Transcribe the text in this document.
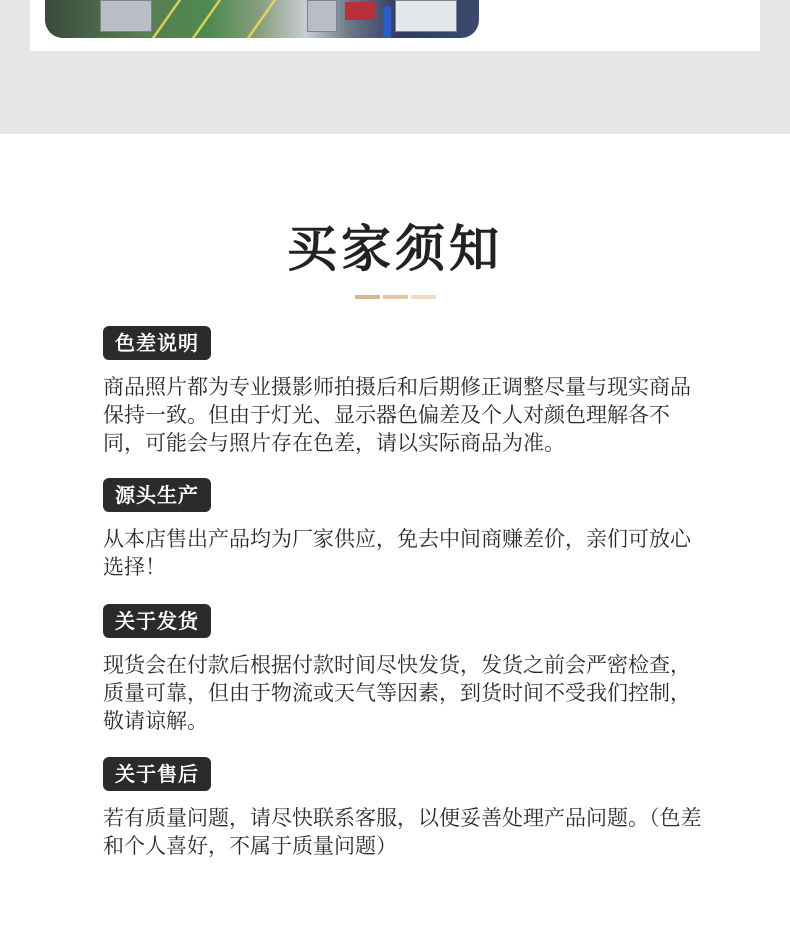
买家须知
色差说明
商品照片都为专业摄影师拍摄后和后期修正调整尽量与现实商品保持一致。但由于灯光、显示器色偏差及个人对颜色理解各不同，可能会与照片存在色差，请以实际商品为准。
源头生产
从本店售出产品均为厂家供应，免去中间商赚差价，亲们可放心选择！
关于发货
现货会在付款后根据付款时间尽快发货，发货之前会严密检查，质量可靠，但由于物流或天气等因素，到货时间不受我们控制，敬请谅解。
关于售后
若有质量问题，请尽快联系客服，以便妥善处理产品问题。（色差和个人喜好，不属于质量问题）
